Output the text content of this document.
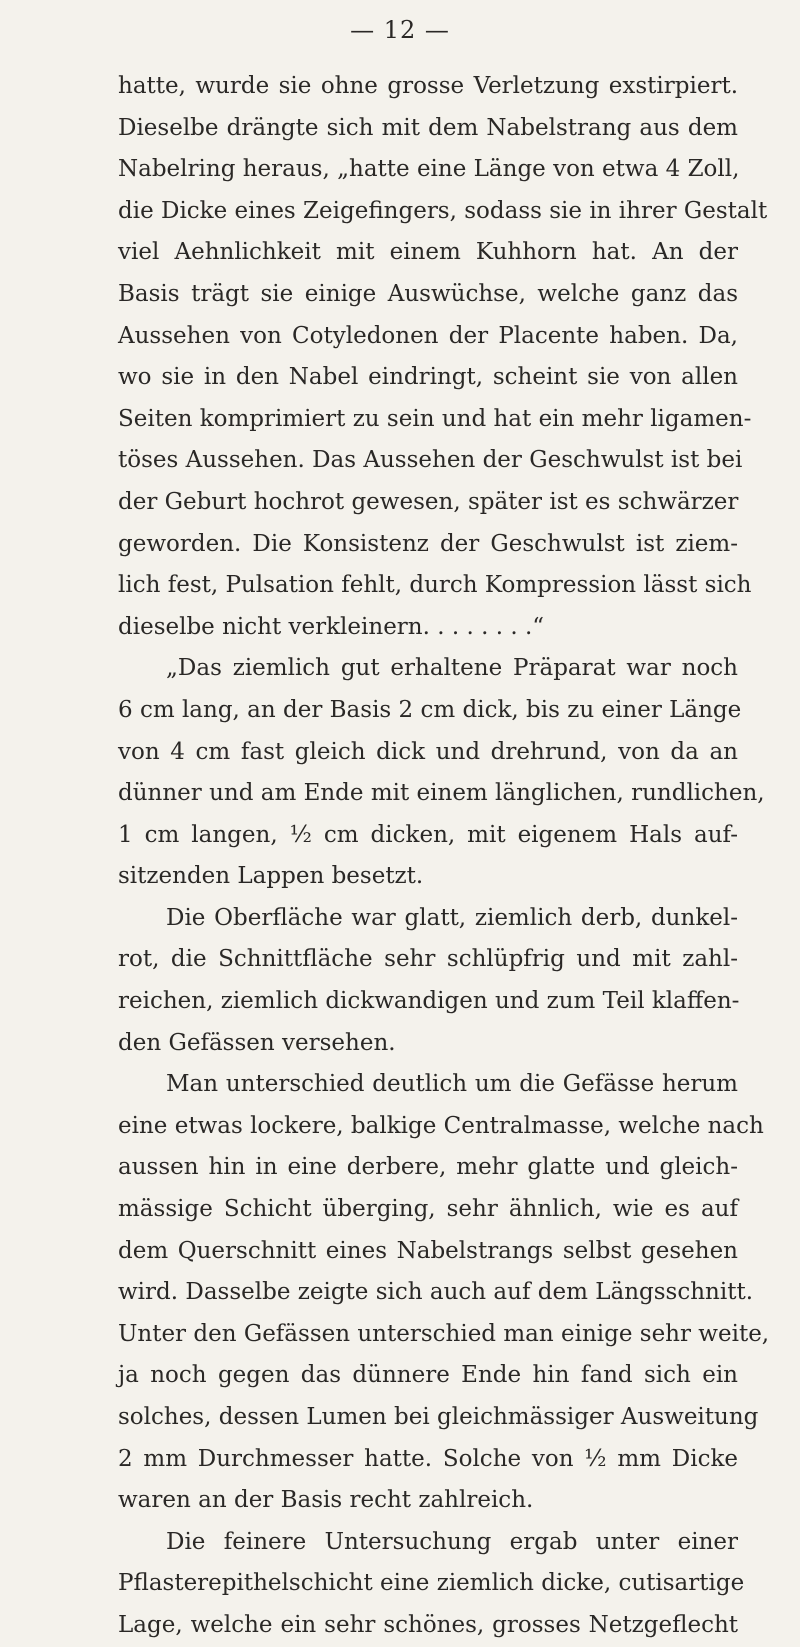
— 12 —
hatte, wurde sie ohne grosse Verletzung exstirpiert.
Dieselbe drängte sich mit dem Nabelstrang aus dem
Nabelring heraus, „hatte eine Länge von etwa 4 Zoll,
die Dicke eines Zeigefingers, sodass sie in ihrer Gestalt
viel Aehnlichkeit mit einem Kuhhorn hat. An der
Basis trägt sie einige Auswüchse, welche ganz das
Aussehen von Cotyledonen der Placente haben. Da,
wo sie in den Nabel eindringt, scheint sie von allen
Seiten komprimiert zu sein und hat ein mehr ligamen-
töses Aussehen. Das Aussehen der Geschwulst ist bei
der Geburt hochrot gewesen, später ist es schwärzer
geworden. Die Konsistenz der Geschwulst ist ziem-
lich fest, Pulsation fehlt, durch Kompression lässt sich
dieselbe nicht verkleinern. . . . . . . .“
„Das ziemlich gut erhaltene Präparat war noch
6 cm lang, an der Basis 2 cm dick, bis zu einer Länge
von 4 cm fast gleich dick und drehrund, von da an
dünner und am Ende mit einem länglichen, rundlichen,
1 cm langen, ½ cm dicken, mit eigenem Hals auf-
sitzenden Lappen besetzt.
Die Oberfläche war glatt, ziemlich derb, dunkel-
rot, die Schnittfläche sehr schlüpfrig und mit zahl-
reichen, ziemlich dickwandigen und zum Teil klaffen-
den Gefässen versehen.
Man unterschied deutlich um die Gefässe herum
eine etwas lockere, balkige Centralmasse, welche nach
aussen hin in eine derbere, mehr glatte und gleich-
mässige Schicht überging, sehr ähnlich, wie es auf
dem Querschnitt eines Nabelstrangs selbst gesehen
wird. Dasselbe zeigte sich auch auf dem Längsschnitt.
Unter den Gefässen unterschied man einige sehr weite,
ja noch gegen das dünnere Ende hin fand sich ein
solches, dessen Lumen bei gleichmässiger Ausweitung
2 mm Durchmesser hatte. Solche von ½ mm Dicke
waren an der Basis recht zahlreich.
Die feinere Untersuchung ergab unter einer
Pflasterepithelschicht eine ziemlich dicke, cutisartige
Lage, welche ein sehr schönes, grosses Netzgeflecht
